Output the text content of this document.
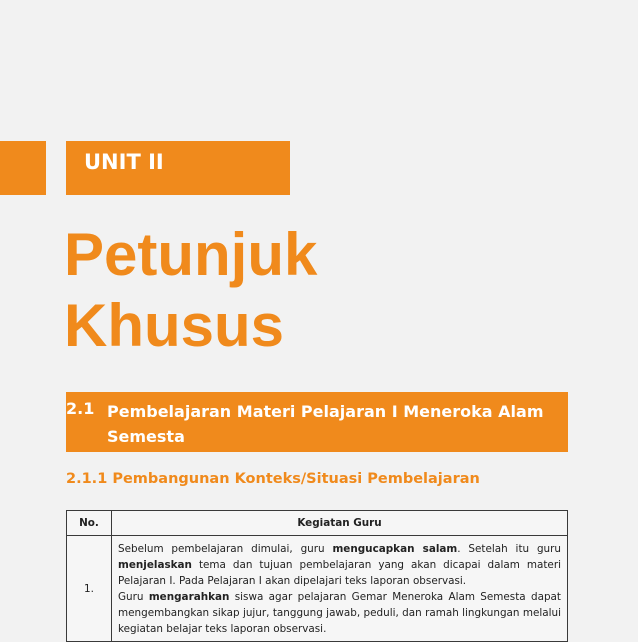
UNIT II
Petunjuk
Khusus
2.1 Pembelajaran Materi Pelajaran I Meneroka Alam Semesta
2.1.1 Pembangunan Konteks/Situasi Pembelajaran
No.	Kegiatan Guru
1.	Sebelum pembelajaran dimulai, guru mengucapkan salam. Setelah itu guru menjelaskan tema dan tujuan pembelajaran yang akan dicapai dalam materi Pelajaran I. Pada Pelajaran I akan dipelajari teks laporan observasi.
Guru mengarahkan siswa agar pelajaran Gemar Meneroka Alam Semesta dapat mengembangkan sikap jujur, tanggung jawab, peduli, dan ramah lingkungan melalui kegiatan belajar teks laporan observasi.
